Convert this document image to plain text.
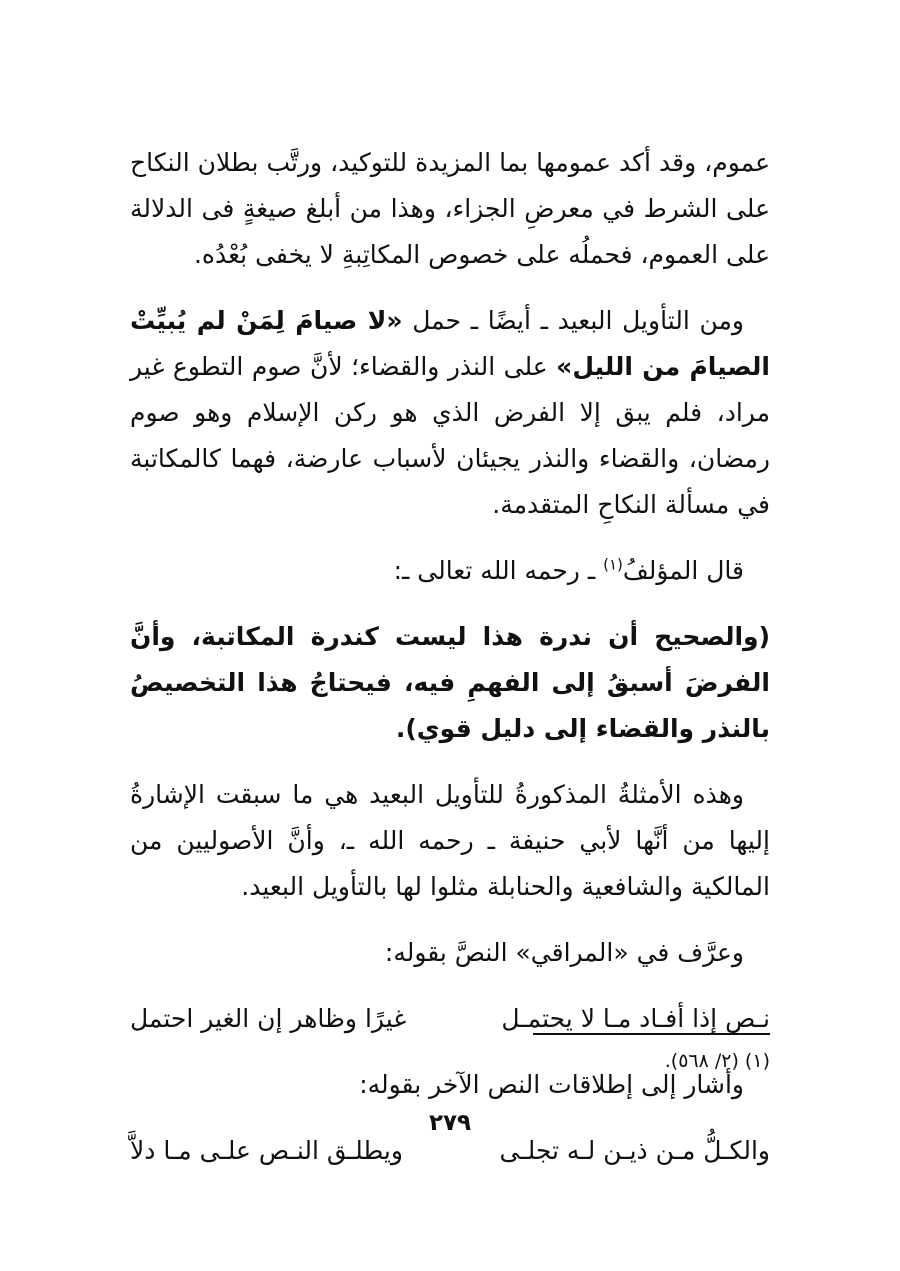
عموم، وقد أكد عمومها بما المزيدة للتوكيد، ورتَّب بطلان النكاح على الشرط في معرضِ الجزاء، وهذا من أبلغ صيغةٍ فى الدلالة على العموم، فحملُه على خصوص المكاتِبةِ لا يخفى بُعْدُه.

ومن التأويل البعيد ـ أيضًا ـ حمل «لا صيامَ لِمَنْ لم يُبيِّتْ الصيامَ من الليل» على النذر والقضاء؛ لأنَّ صوم التطوع غير مراد، فلم يبق إلا الفرض الذي هو ركن الإسلام وهو صوم رمضان، والقضاء والنذر يجيئان لأسباب عارضة، فهما كالمكاتبة في مسألة النكاحِ المتقدمة.

قال المؤلفُ$^{(١)}$ ـ رحمه الله تعالى ـ:

(والصحيح أن ندرة هذا ليست كندرة المكاتبة، وأنَّ الفرضَ أسبقُ إلى الفهمِ فيه، فيحتاجُ هذا التخصيصُ بالنذر والقضاء إلى دليل قوي).

وهذه الأمثلةُ المذكورةُ للتأويل البعيد هي ما سبقت الإشارةُ إليها من أنَّها لأبي حنيفة ـ رحمه الله ـ، وأنَّ الأصوليين من المالكية والشافعية والحنابلة مثلوا لها بالتأويل البعيد.

وعرَّف في «المراقي» النصَّ بقوله:

نـص إذا أفـاد مـا لا يحتمـل
غيرًا وظاهر إن الغير احتمل

وأشار إلى إطلاقات النص الآخر بقوله:

والكـلُّ مـن ذيـن لـه تجلـى
ويطلـق النـص علـى مـا دلاَّ
(١) (٢/ ٥٦٨).
٢٧٩
